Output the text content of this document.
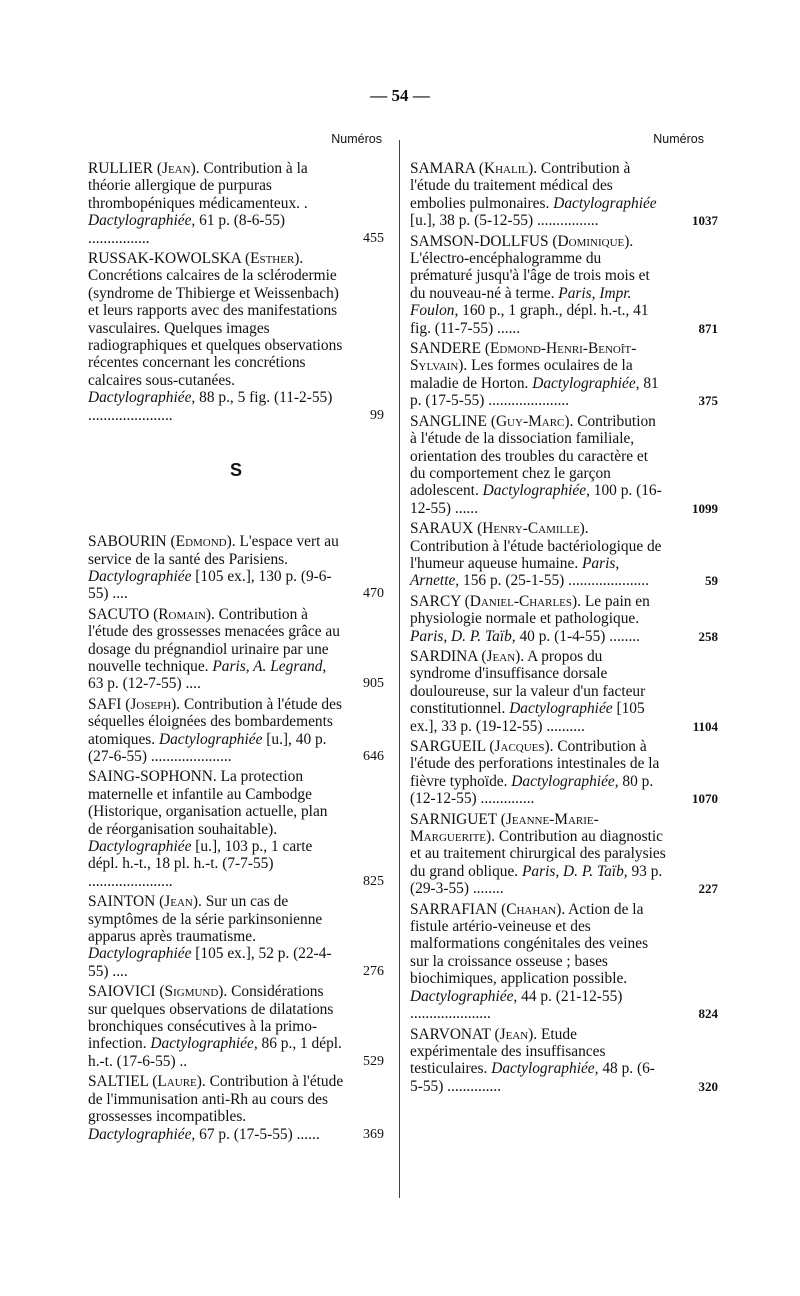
— 54 —
Numéros
RULLIER (Jean). Contribution à la théorie allergique de purpuras thrombopéniques médicamenteux. . Dactylographiée, 61 p. (8-6-55) ................	455
RUSSAK-KOWOLSKA (Esther). Concrétions calcaires de la sclérodermie (syndrome de Thibierge et Weissenbach) et leurs rapports avec des manifestations vasculaires. Quelques images radiographiques et quelques observations récentes concernant les concrétions calcaires sous-cutanées. Dactylographiée, 88 p., 5 fig. (11-2-55) ......................	99
S
SABOURIN (Edmond). L'espace vert au service de la santé des Parisiens. Dactylographiée [105 ex.], 130 p. (9-6-55) ....	470
SACUTO (Romain). Contribution à l'étude des grossesses menacées grâce au dosage du prégnandiol urinaire par une nouvelle technique. Paris, A. Legrand, 63 p. (12-7-55) ....	905
SAFI (Joseph). Contribution à l'étude des séquelles éloignées des bombardements atomiques. Dactylographiée [u.], 40 p. (27-6-55) .....................	646
SAING-SOPHONN. La protection maternelle et infantile au Cambodge (Historique, organisation actuelle, plan de réorganisation souhaitable). Dactylographiée [u.], 103 p., 1 carte dépl. h.-t., 18 pl. h.-t. (7-7-55) ......................	825
SAINTON (Jean). Sur un cas de symptômes de la série parkinsonienne apparus après traumatisme. Dactylographiée [105 ex.], 52 p. (22-4-55) ....	276
SAIOVICI (Sigmund). Considérations sur quelques observations de dilatations bronchiques consécutives à la primo-infection. Dactylographiée, 86 p., 1 dépl. h.-t. (17-6-55) ..	529
SALTIEL (Laure). Contribution à l'étude de l'immunisation anti-Rh au cours des grossesses incompatibles. Dactylographiée, 67 p. (17-5-55) ......	369
Numéros
SAMARA (Khalil). Contribution à l'étude du traitement médical des embolies pulmonaires. Dactylographiée [u.], 38 p. (5-12-55) ................	1037
SAMSON-DOLLFUS (Dominique). L'électro-encéphalogramme du prématuré jusqu'à l'âge de trois mois et du nouveau-né à terme. Paris, Impr. Foulon, 160 p., 1 graph., dépl. h.-t., 41 fig. (11-7-55) ......	871
SANDERE (Edmond-Henri-Benoît-Sylvain). Les formes oculaires de la maladie de Horton. Dactylographiée, 81 p. (17-5-55) .....................	375
SANGLINE (Guy-Marc). Contribution à l'étude de la dissociation familiale, orientation des troubles du caractère et du comportement chez le garçon adolescent. Dactylographiée, 100 p. (16-12-55) ......	1099
SARAUX (Henry-Camille). Contribution à l'étude bactériologique de l'humeur aqueuse humaine. Paris, Arnette, 156 p. (25-1-55) .....................	59
SARCY (Daniel-Charles). Le pain en physiologie normale et pathologique. Paris, D. P. Taïb, 40 p. (1-4-55) ........	258
SARDINA (Jean). A propos du syndrome d'insuffisance dorsale douloureuse, sur la valeur d'un facteur constitutionnel. Dactylographiée [105 ex.], 33 p. (19-12-55) ..........	1104
SARGUEIL (Jacques). Contribution à l'étude des perforations intestinales de la fièvre typhoïde. Dactylographiée, 80 p. (12-12-55) ..............	1070
SARNIGUET (Jeanne-Marie-Marguerite). Contribution au diagnostic et au traitement chirurgical des paralysies du grand oblique. Paris, D. P. Taïb, 93 p. (29-3-55) ........	227
SARRAFIAN (Chahan). Action de la fistule artério-veineuse et des malformations congénitales des veines sur la croissance osseuse ; bases biochimiques, application possible. Dactylographiée, 44 p. (21-12-55) .....................	824
SARVONAT (Jean). Etude expérimentale des insuffisances testiculaires. Dactylographiée, 48 p. (6-5-55) ..............	320
